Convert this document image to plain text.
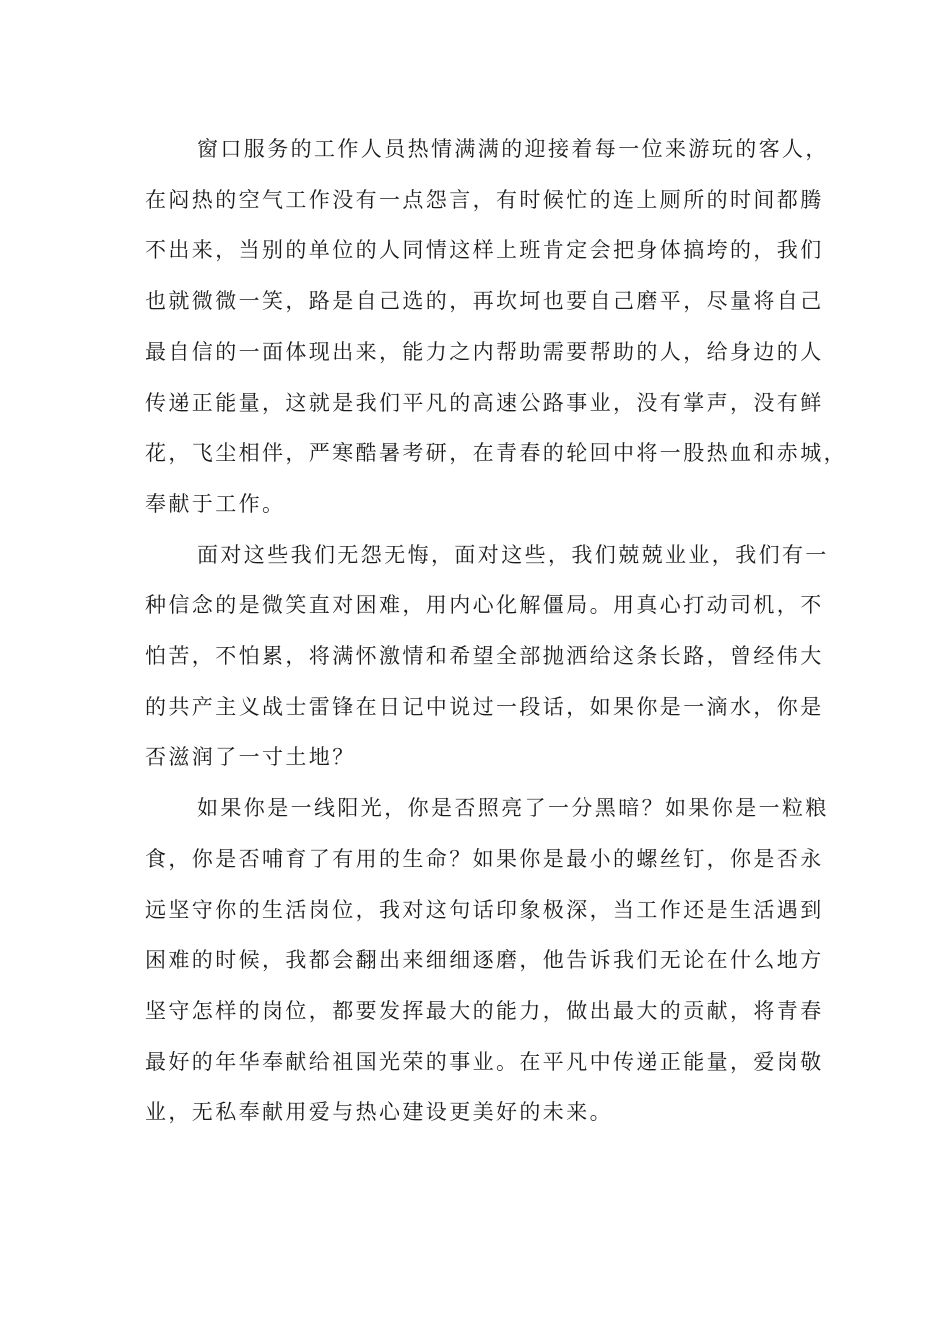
窗口服务的工作人员热情满满的迎接着每一位来游玩的客人，
在闷热的空气工作没有一点怨言，有时候忙的连上厕所的时间都腾
不出来，当别的单位的人同情这样上班肯定会把身体搞垮的，我们
也就微微一笑，路是自己选的，再坎坷也要自己磨平，尽量将自己
最自信的一面体现出来，能力之内帮助需要帮助的人，给身边的人
传递正能量，这就是我们平凡的高速公路事业，没有掌声，没有鲜
花，飞尘相伴，严寒酷暑考研，在青春的轮回中将一股热血和赤城，
奉献于工作。

面对这些我们无怨无悔，面对这些，我们兢兢业业，我们有一
种信念的是微笑直对困难，用内心化解僵局。用真心打动司机，不
怕苦，不怕累，将满怀激情和希望全部抛洒给这条长路，曾经伟大
的共产主义战士雷锋在日记中说过一段话，如果你是一滴水，你是
否滋润了一寸土地？

如果你是一线阳光，你是否照亮了一分黑暗？如果你是一粒粮
食，你是否哺育了有用的生命？如果你是最小的螺丝钉，你是否永
远坚守你的生活岗位，我对这句话印象极深，当工作还是生活遇到
困难的时候，我都会翻出来细细逐磨，他告诉我们无论在什么地方
坚守怎样的岗位，都要发挥最大的能力，做出最大的贡献，将青春
最好的年华奉献给祖国光荣的事业。在平凡中传递正能量，爱岗敬
业，无私奉献用爱与热心建设更美好的未来。
